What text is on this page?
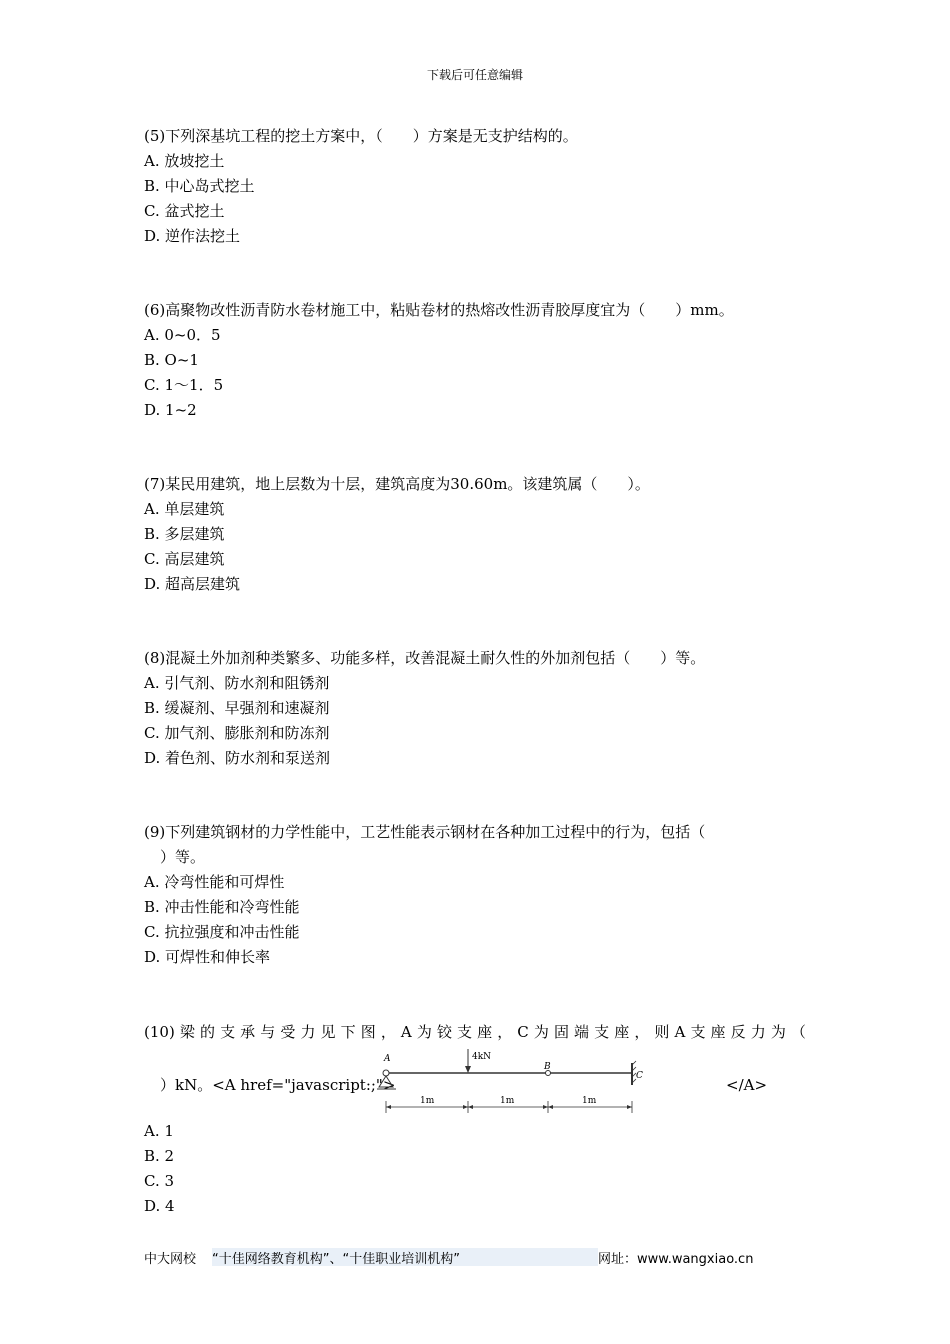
下载后可任意编辑

(5)下列深基坑工程的挖土方案中，（　　）方案是无支护结构的。

A. 放坡挖土

B. 中心岛式挖土

C. 盆式挖土

D. 逆作法挖土

(6)高聚物改性沥青防水卷材施工中，粘贴卷材的热熔改性沥青胶厚度宜为（　　）mm。

A. 0~0．5

B. O~1

C. 1～1．5

D. 1~2

(7)某民用建筑，地上层数为十层，建筑高度为30.60m。该建筑属（　　）。

A. 单层建筑

B. 多层建筑

C. 高层建筑

D. 超高层建筑

(8)混凝土外加剂种类繁多、功能多样，改善混凝土耐久性的外加剂包括（　　）等。

A. 引气剂、防水剂和阻锈剂

B. 缓凝剂、早强剂和速凝剂

C. 加气剂、膨胀剂和防冻剂

D. 着色剂、防水剂和泵送剂

(9)下列建筑钢材的力学性能中，工艺性能表示钢材在各种加工过程中的行为，包括（

）等。

A. 冷弯性能和可焊性

B. 冲击性能和冷弯性能

C. 抗拉强度和冲击性能

D. 可焊性和伸长率

(10) 梁 的 支 承 与 受 力 见 下 图 ， A 为 铰 支 座 ， C 为 固 端 支 座 ， 则 A 支 座 反 力 为 （

）kN。<A href="javascript:;">
A
B
C
4kN
1m	1m	1m
</A>

A. 1

B. 2

C. 3

D. 4

中大网校 “十佳网络教育机构”、“十佳职业培训机构”	网址：www.wangxiao.cn
